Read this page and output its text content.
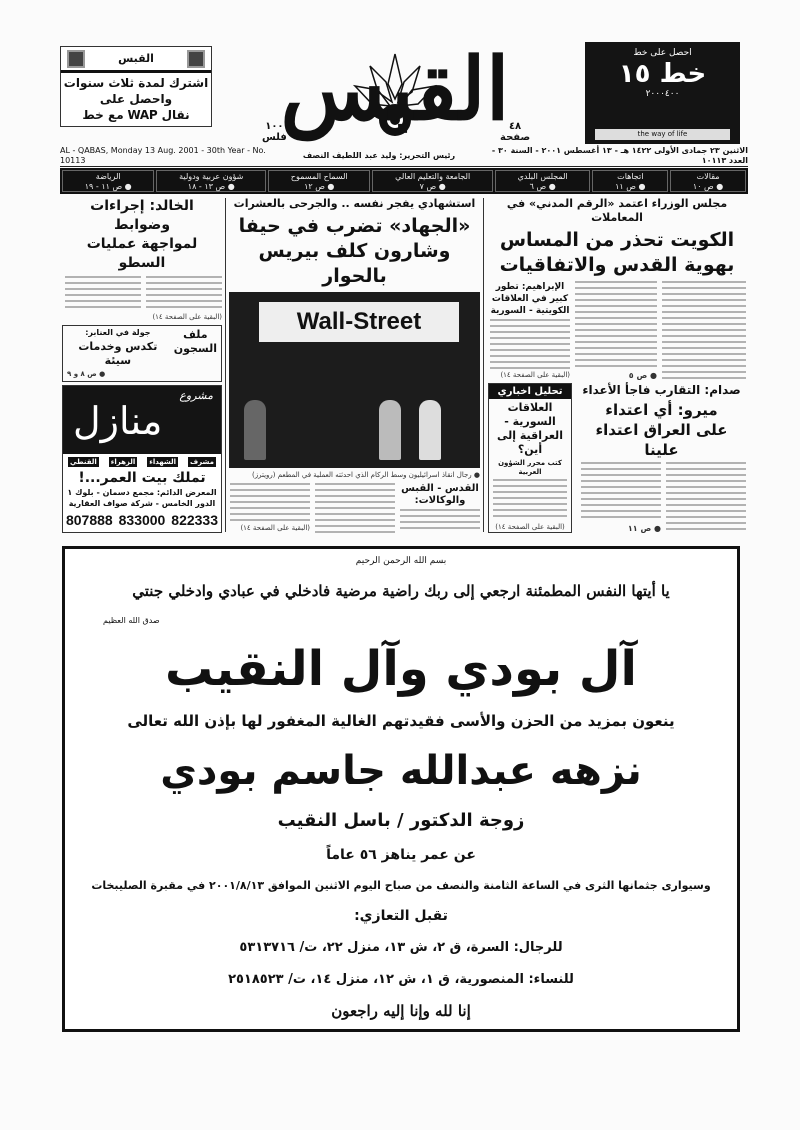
القبس
اشترك لمدة ثلاث سنوات
واحصل على
نقال WAP مع خط	القبس
١٠٠
فلس
٤٨
صفحة
احصل على خط
خط ١٥
٢٠٠٠٤٠٠
the way of life
AL - QABAS, Monday 13 Aug. 2001 - 30th Year - No. 10113
رئيس التحرير: وليد عبد اللطيف النصف
الاثنين ٢٣ جمادى الأولى ١٤٢٢ هـ - ١٣ أغسطس ٢٠٠١ - السنة ٣٠ - العدد ١٠١١٣
مقالات
● ص ١٠
اتجاهات
● ص ١١
المجلس البلدي
● ص ٦
الجامعة والتعليم العالي
● ص ٧
السماح المسموح
● ص ١٢
شؤون عربية ودولية
● ص ١٣ - ١٨
الرياضة
● ص ١١ - ١٩
مجلس الوزراء اعتمد «الرقم المدني» في المعاملات
الكويت تحذر من المساس
بهوية القدس والاتفاقيات
● ص ٥
الإبراهيم: تطور كبير في العلاقات الكويتية - السورية
(البقية على الصفحة ١٤)
صدام: التقارب فاجأ الأعداء
ميرو: أي اعتداء
على العراق اعتداء علينا
● ص ١١
تحليل اخباري
العلاقات السورية - العراقية إلى أين؟
كتب محرر الشؤون العربية
(البقية على الصفحة ١٤)
استشهادي يفجر نفسه .. والجرحى بالعشرات
«الجهاد» تضرب في حيفا
وشارون كلف بيريس بالحوار
Wall-Street
● رجال انقاذ اسرائيليون وسط الركام الذي احدثته العملية في المطعم (رويترز)
القدس - القبس والوكالات:
(البقية على الصفحة ١٤)
الخالد: إجراءات وضوابط
لمواجهة عمليات السطو
(البقية على الصفحة ١٤)
ملف
السجون
جولة في العنابر:
تكدس وخدمات سيئة
● ص ٨ و ٩
مشروع
منازل
مشرف
الشهداء
الزهراء
القنطي
تملك بيت العمر...!
المعرض الدائم: مجمع دسمان - بلوك ١
الدور الخامس - شركة صواف العقارية
807888 833000 822333
بسم الله الرحمن الرحيم
يا أيتها النفس المطمئنة ارجعي إلى ربك راضية مرضية فادخلي في عبادي وادخلي جنتي
صدق الله العظيم
آل بودي وآل النقيب
ينعون بمزيد من الحزن والأسى فقيدتهم الغالية المغفور لها بإذن الله تعالى
نزهه عبدالله جاسم بودي
زوجة الدكتور / باسل النقيب
عن عمر يناهز ٥٦ عاماً
وسيوارى جثمانها الثرى في الساعة الثامنة والنصف من صباح اليوم الاثنين الموافق ٢٠٠١/٨/١٣ في مقبرة الصليبخات
تقبل التعازي:
للرجال: السرة، ق ٢، ش ١٣، منزل ٢٢، ت/ ٥٣١٣٧١٦
للنساء: المنصورية، ق ١، ش ١٢، منزل ١٤، ت/ ٢٥١٨٥٢٣
إنا لله وإنا إليه راجعون
